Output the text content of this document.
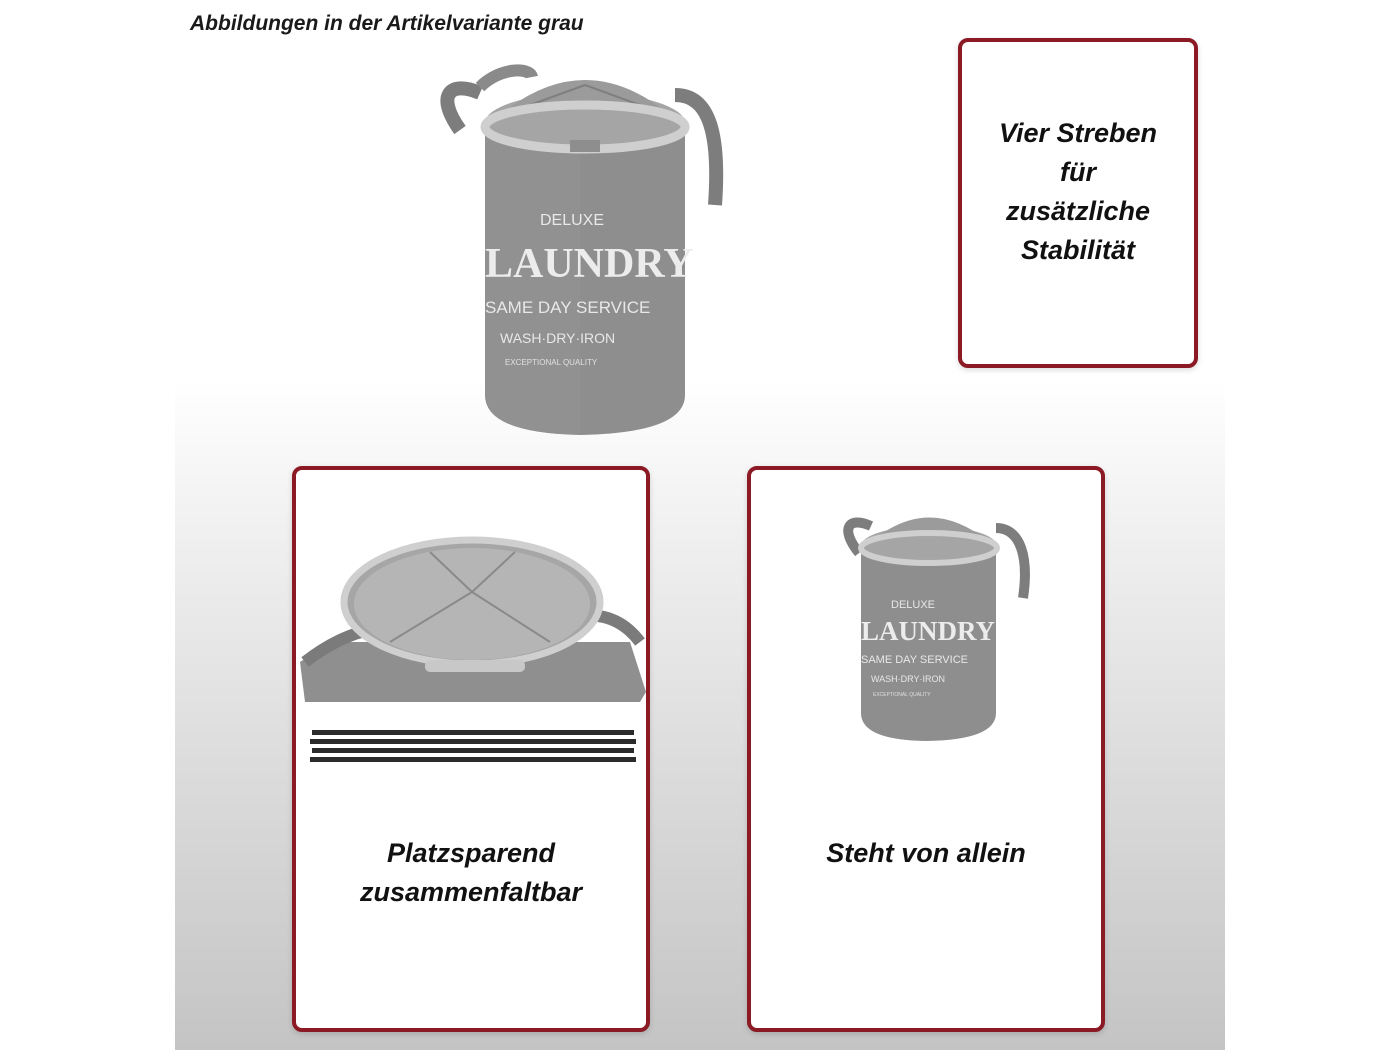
Abbildungen in der Artikelvariante grau
DELUXE
LAUNDRY
SAME DAY SERVICE
WASH·DRY·IRON
EXCEPTIONAL QUALITY
Vier Streben
für
zusätzliche
Stabilität
Platzsparend
zusammenfaltbar
DELUXE
LAUNDRY
SAME DAY SERVICE
WASH·DRY·IRON
EXCEPTIONAL QUALITY
Steht von allein
